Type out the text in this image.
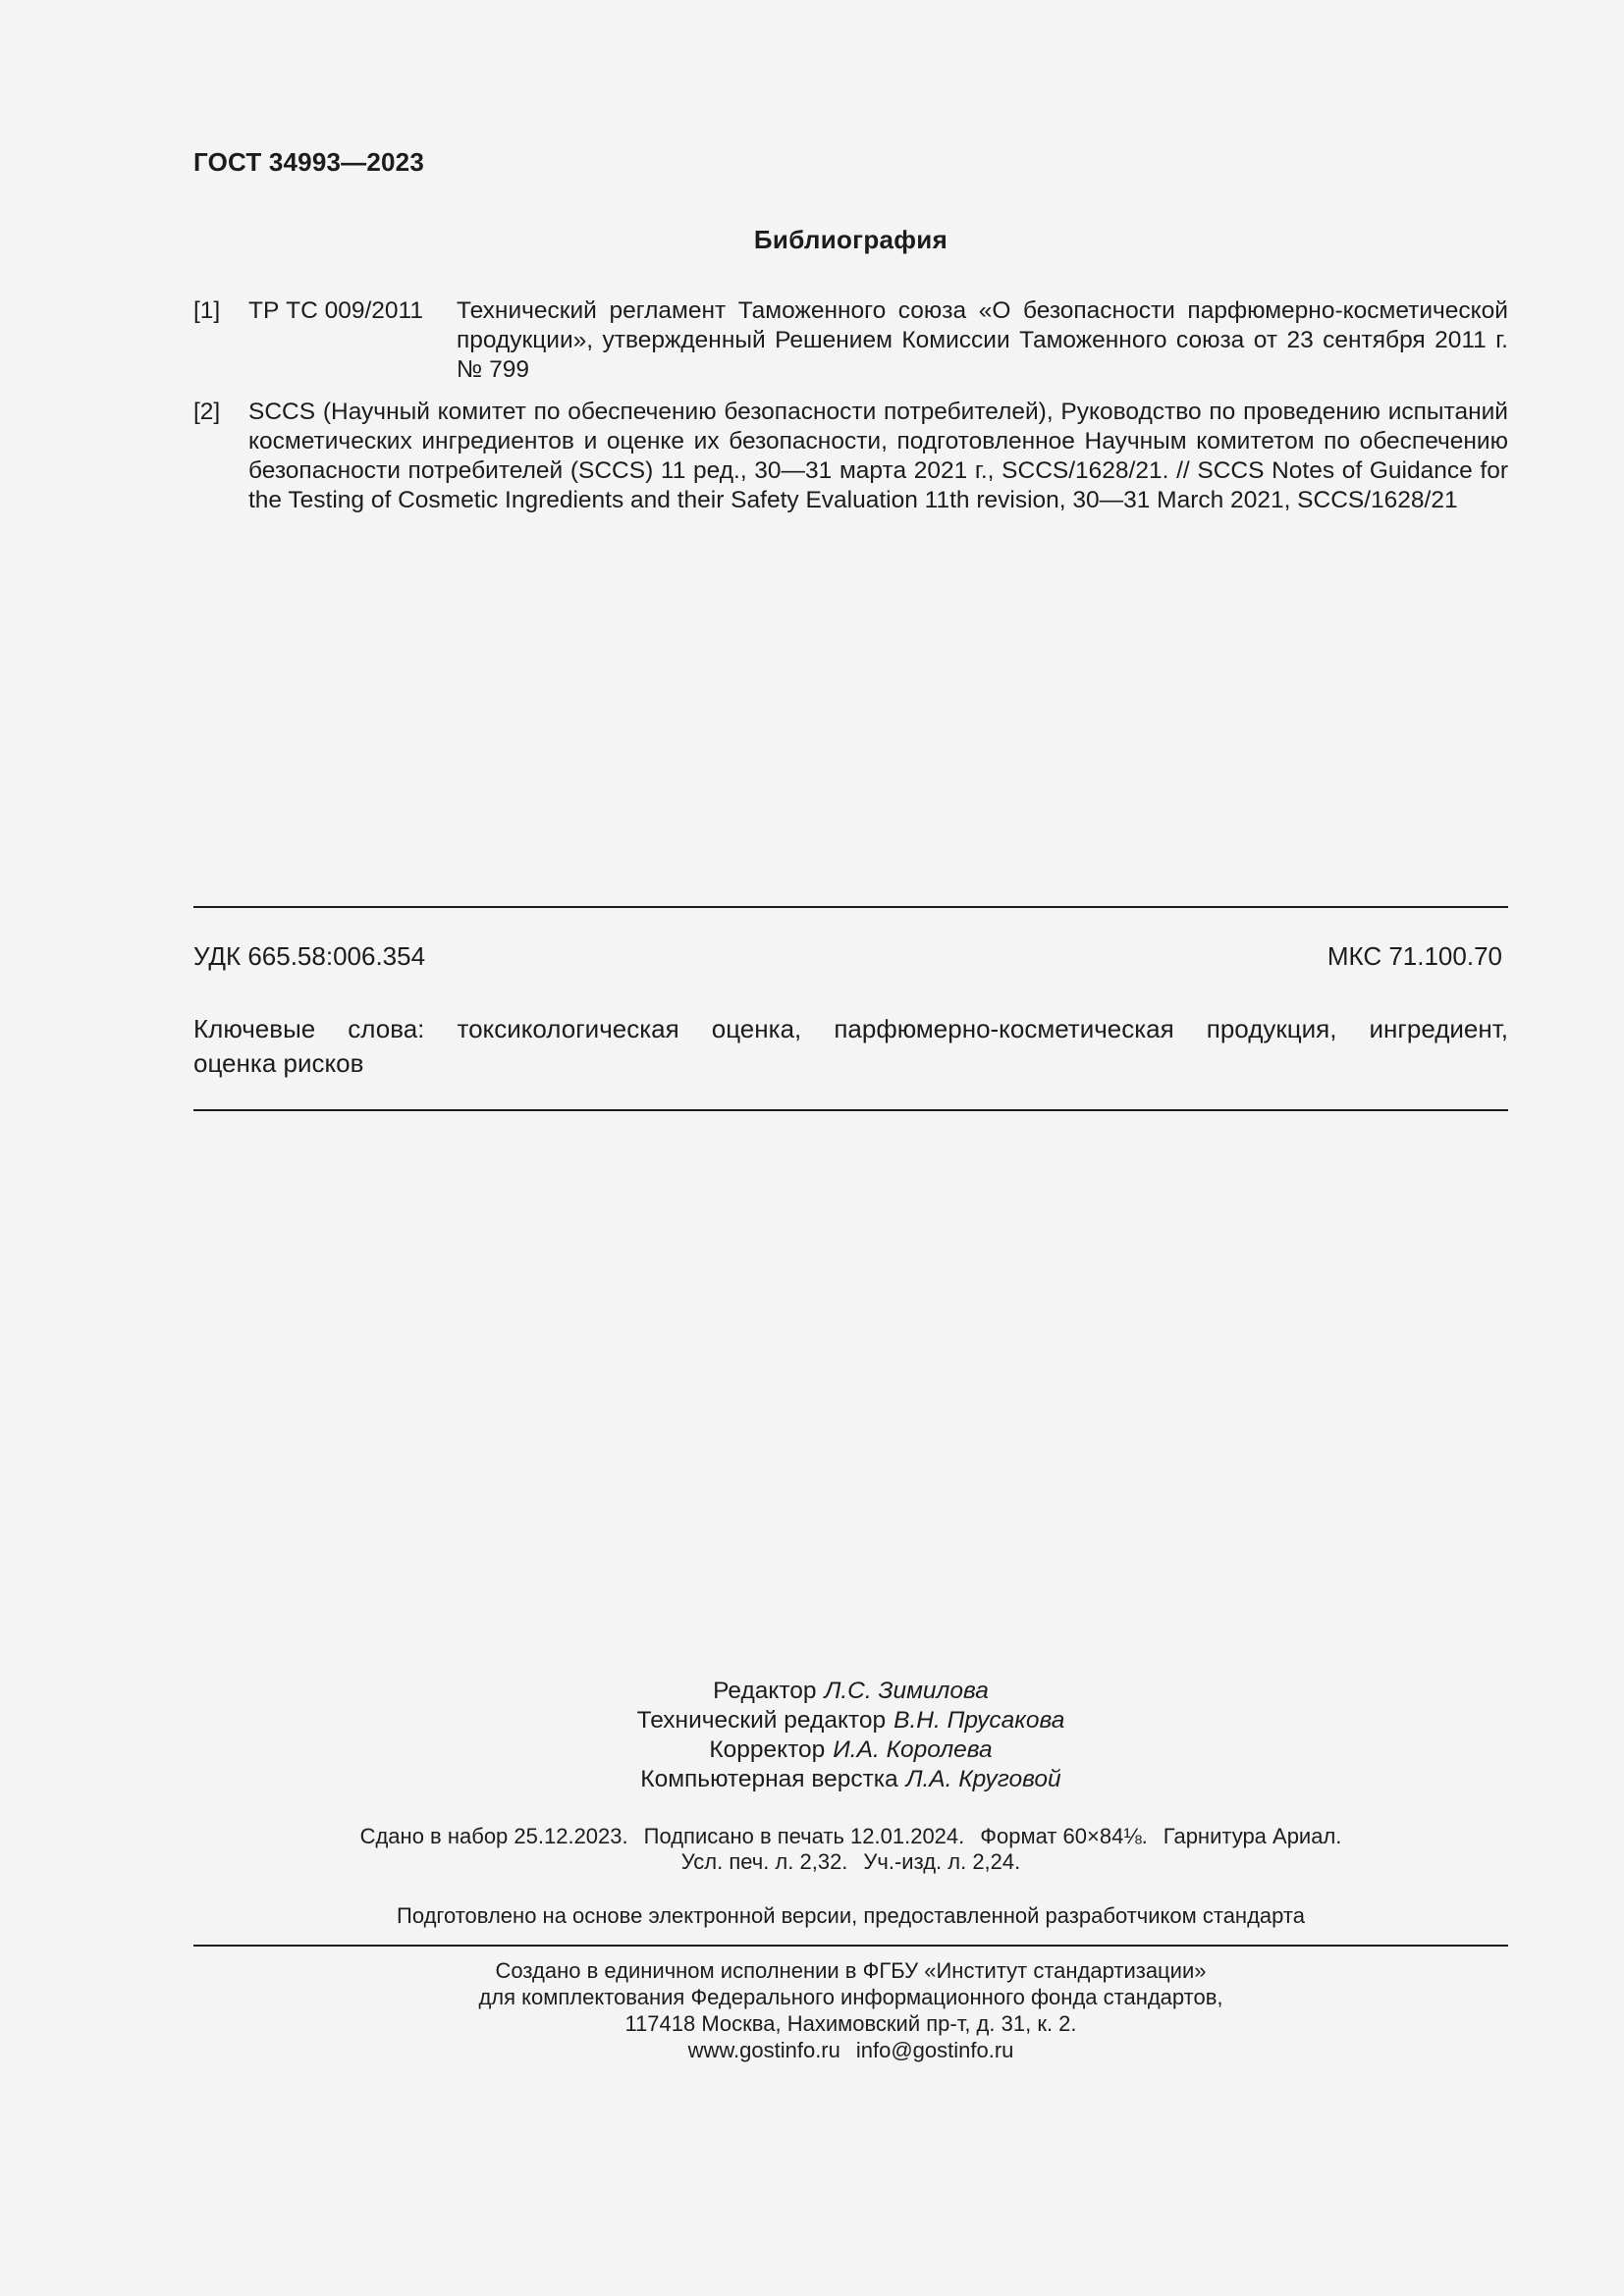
ГОСТ 34993—2023
Библиография
[1] ТР ТС 009/2011 Технический регламент Таможенного союза «О безопасности парфюмерно-косметической продукции», утвержденный Решением Комиссии Таможенного союза от 23 сентября 2011 г. № 799
[2] SCCS (Научный комитет по обеспечению безопасности потребителей), Руководство по проведению испытаний косметических ингредиентов и оценке их безопасности, подготовленное Научным комитетом по обеспечению безопасности потребителей (SCCS) 11 ред., 30—31 марта 2021 г., SCCS/1628/21. // SCCS Notes of Guidance for the Testing of Cosmetic Ingredients and their Safety Evaluation 11th revision, 30—31 March 2021, SCCS/1628/21
УДК 665.58:006.354	МКС 71.100.70
Ключевые слова: токсикологическая оценка, парфюмерно-косметическая продукция, ингредиент,
оценка рисков
Редактор Л.С. Зимилова
Технический редактор В.Н. Прусакова
Корректор И.А. Королева
Компьютерная верстка Л.А. Круговой
Сдано в набор 25.12.2023. Подписано в печать 12.01.2024. Формат 60×84⅛. Гарнитура Ариал.
Усл. печ. л. 2,32. Уч.-изд. л. 2,24.
Подготовлено на основе электронной версии, предоставленной разработчиком стандарта
Создано в единичном исполнении в ФГБУ «Институт стандартизации»
для комплектования Федерального информационного фонда стандартов,
117418 Москва, Нахимовский пр-т, д. 31, к. 2.
www.gostinfo.ru info@gostinfo.ru
